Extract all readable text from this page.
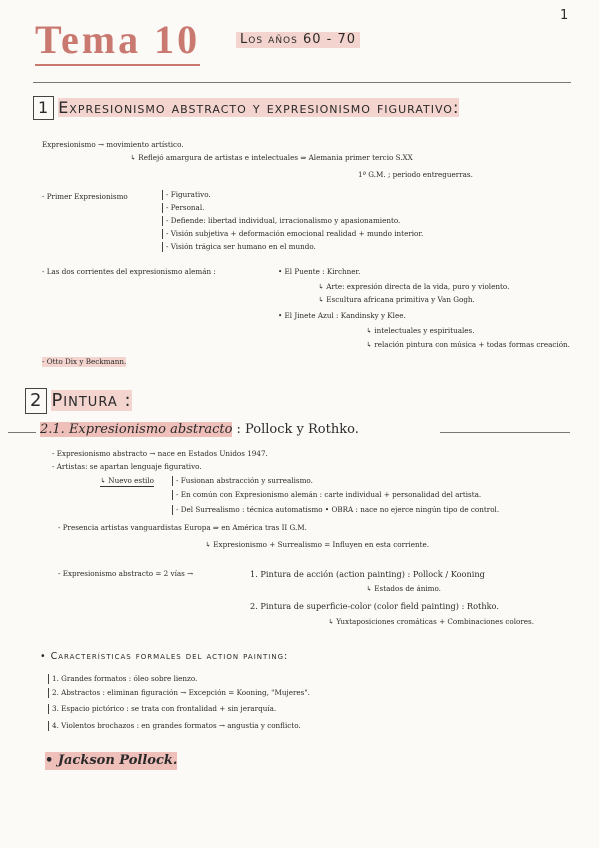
1
Tema 10	Los años 60 - 70
1 Expresionismo abstracto y expresionismo figurativo:
Expresionismo → movimiento artístico.
↳ Reflejó amargura de artistas e intelectuales ⇒ Alemania primer tercio S.XX
1ª G.M. ; periodo entreguerras.
- Primer Expresionismo	- Figurativo.
- Personal.
- Defiende: libertad individual, irracionalismo y apasionamiento.
- Visión subjetiva + deformación emocional realidad + mundo interior.
- Visión trágica ser humano en el mundo.
- Las dos corrientes del expresionismo alemán :	• El Puente : Kirchner.
↳ Arte: expresión directa de la vida, puro y violento.
↳ Escultura africana primitiva y Van Gogh.
• El Jinete Azul : Kandinsky y Klee.
↳ intelectuales y espirituales.
↳ relación pintura con música + todas formas creación.
- Otto Dix y Beckmann.
2 Pintura :
2.1. Expresionismo abstracto : Pollock y Rothko.
- Expresionismo abstracto → nace en Estados Unidos 1947.
- Artistas: se apartan lenguaje figurativo.
↳ Nuevo estilo	- Fusionan abstracción y surrealismo.
- En común con Expresionismo alemán : carte individual + personalidad del artista.
- Del Surrealismo : técnica automatismo • OBRA : nace no ejerce ningún tipo de control.
- Presencia artistas vanguardistas Europa ⇒ en América tras II G.M.
↳ Expresionismo + Surrealismo = Influyen en esta corriente.
- Expresionismo abstracto = 2 vías →	1. Pintura de acción (action painting) : Pollock / Kooning
↳ Estados de ánimo.
2. Pintura de superficie-color (color field painting) : Rothko.
↳ Yuxtaposiciones cromáticas + Combinaciones colores.
• Características formales del action painting:
1. Grandes formatos : óleo sobre lienzo.
2. Abstractos : eliminan figuración → Excepción = Kooning, "Mujeres".
3. Espacio pictórico : se trata con frontalidad + sin jerarquía.
4. Violentos brochazos : en grandes formatos → angustia y conflicto.
• Jackson Pollock.
